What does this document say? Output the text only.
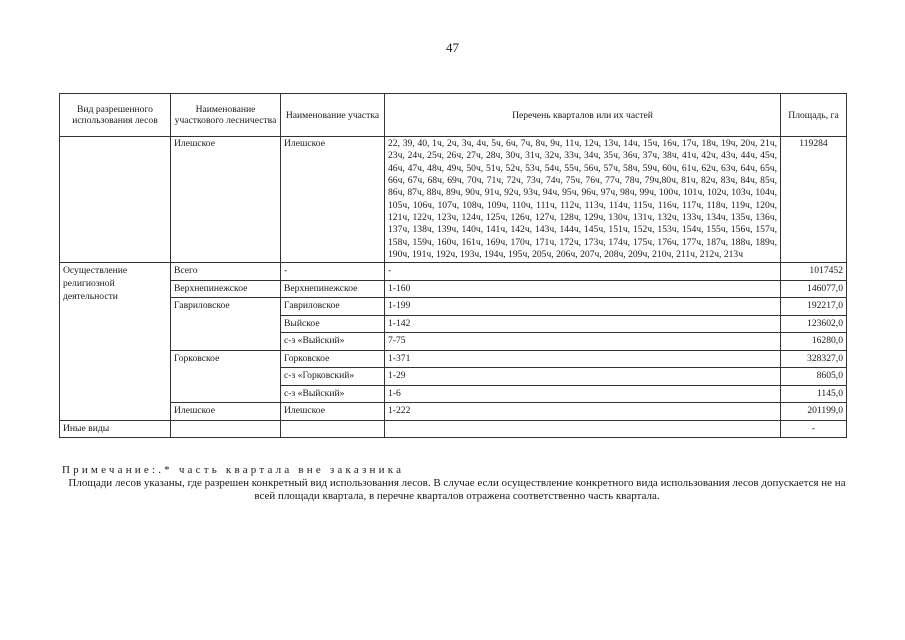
47
Вид разрешенного использования лесов	Наименование участкового лесничества	Наименование участка	Перечень кварталов или их частей	Площадь, га
	Илешское	Илешское	22, 39, 40, 1ч, 2ч, 3ч, 4ч, 5ч, 6ч, 7ч, 8ч, 9ч, 11ч, 12ч, 13ч, 14ч, 15ч, 16ч, 17ч, 18ч, 19ч, 20ч, 21ч, 23ч, 24ч, 25ч, 26ч, 27ч, 28ч, 30ч, 31ч, 32ч, 33ч, 34ч, 35ч, 36ч, 37ч, 38ч, 41ч, 42ч, 43ч, 44ч, 45ч, 46ч, 47ч, 48ч, 49ч, 50ч, 51ч, 52ч, 53ч, 54ч, 55ч, 56ч, 57ч, 58ч, 59ч, 60ч, 61ч, 62ч, 63ч, 64ч, 65ч, 66ч, 67ч, 68ч, 69ч, 70ч, 71ч, 72ч, 73ч, 74ч, 75ч, 76ч, 77ч, 78ч, 79ч,80ч, 81ч, 82ч, 83ч, 84ч, 85ч, 86ч, 87ч, 88ч, 89ч, 90ч, 91ч, 92ч, 93ч, 94ч, 95ч, 96ч, 97ч, 98ч, 99ч, 100ч, 101ч, 102ч, 103ч, 104ч, 105ч, 106ч, 107ч, 108ч, 109ч, 110ч, 111ч, 112ч, 113ч, 114ч, 115ч, 116ч, 117ч, 118ч, 119ч, 120ч, 121ч, 122ч, 123ч, 124ч, 125ч, 126ч, 127ч, 128ч, 129ч, 130ч, 131ч, 132ч, 133ч, 134ч, 135ч, 136ч, 137ч, 138ч, 139ч, 140ч, 141ч, 142ч, 143ч, 144ч, 145ч, 151ч, 152ч, 153ч, 154ч, 155ч, 156ч, 157ч, 158ч, 159ч, 160ч, 161ч, 169ч, 170ч, 171ч, 172ч, 173ч, 174ч, 175ч, 176ч, 177ч, 187ч, 188ч, 189ч, 190ч, 191ч, 192ч, 193ч, 194ч, 195ч, 205ч, 206ч, 207ч, 208ч, 209ч, 210ч, 211ч, 212ч, 213ч	119284
Осуществление религиозной деятельности	Всего	-	-	1017452
	Верхнепинежское	Верхнепинежское	1-160	146077,0
	Гавриловское	Гавриловское	1-199	192217,0
		Выйское	1-142	123602,0
		с-з «Выйский»	7-75	16280,0
	Горковское	Горковское	1-371	328327,0
		с-з «Горковский»	1-29	8605,0
		с-з «Выйский»	1-6	1145,0
	Илешское	Илешское	1-222	201199,0
Иные виды				-
Примечание:.* часть квартала вне заказника
Площади лесов указаны, где разрешен конкретный вид использования лесов. В случае если осуществление конкретного вида использования лесов допускается не на всей площади квартала, в перечне кварталов отражена соответственно часть квартала.
